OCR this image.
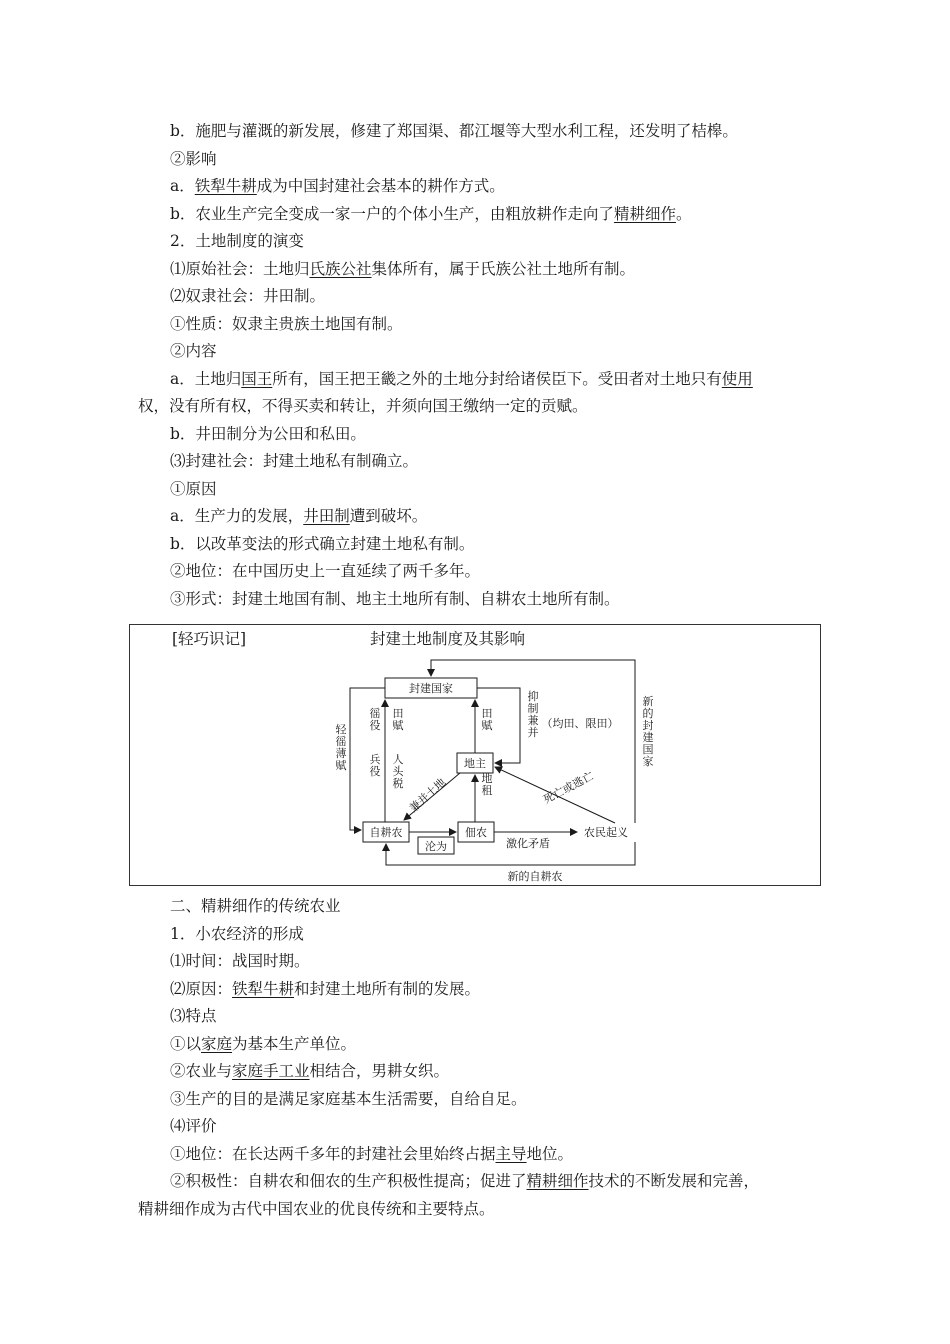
b．施肥与灌溉的新发展，修建了郑国渠、都江堰等大型水利工程，还发明了桔槔。
②影响
a．铁犁牛耕成为中国封建社会基本的耕作方式。
b．农业生产完全变成一家一户的个体小生产，由粗放耕作走向了精耕细作。
2．土地制度的演变
⑴原始社会：土地归氏族公社集体所有，属于氏族公社土地所有制。
⑵奴隶社会：井田制。
①性质：奴隶主贵族土地国有制。
②内容
a．土地归国王所有，国王把王畿之外的土地分封给诸侯臣下。受田者对土地只有使用
权，没有所有权，不得买卖和转让，并须向国王缴纳一定的贡赋。
b．井田制分为公田和私田。
⑶封建社会：封建土地私有制确立。
①原因
a．生产力的发展，井田制遭到破坏。
b．以改革变法的形式确立封建土地私有制。
②地位：在中国历史上一直延续了两千多年。
③形式：封建土地国有制、地主土地所有制、自耕农土地所有制。
[轻巧识记]	封建土地制度及其影响
封建国家
地主
自耕农	佃农	农民起义
沦为	激化矛盾
新的自耕农
（均田、限田）
死亡或逃亡
兼并土地
轻徭薄赋
徭役
兵役
田赋
人头税
田赋
抑制兼并
地租
新的封建国家
二、精耕细作的传统农业
1．小农经济的形成
⑴时间：战国时期。
⑵原因：铁犁牛耕和封建土地所有制的发展。
⑶特点
①以家庭为基本生产单位。
②农业与家庭手工业相结合，男耕女织。
③生产的目的是满足家庭基本生活需要，自给自足。
⑷评价
①地位：在长达两千多年的封建社会里始终占据主导地位。
②积极性：自耕农和佃农的生产积极性提高；促进了精耕细作技术的不断发展和完善，
精耕细作成为古代中国农业的优良传统和主要特点。
